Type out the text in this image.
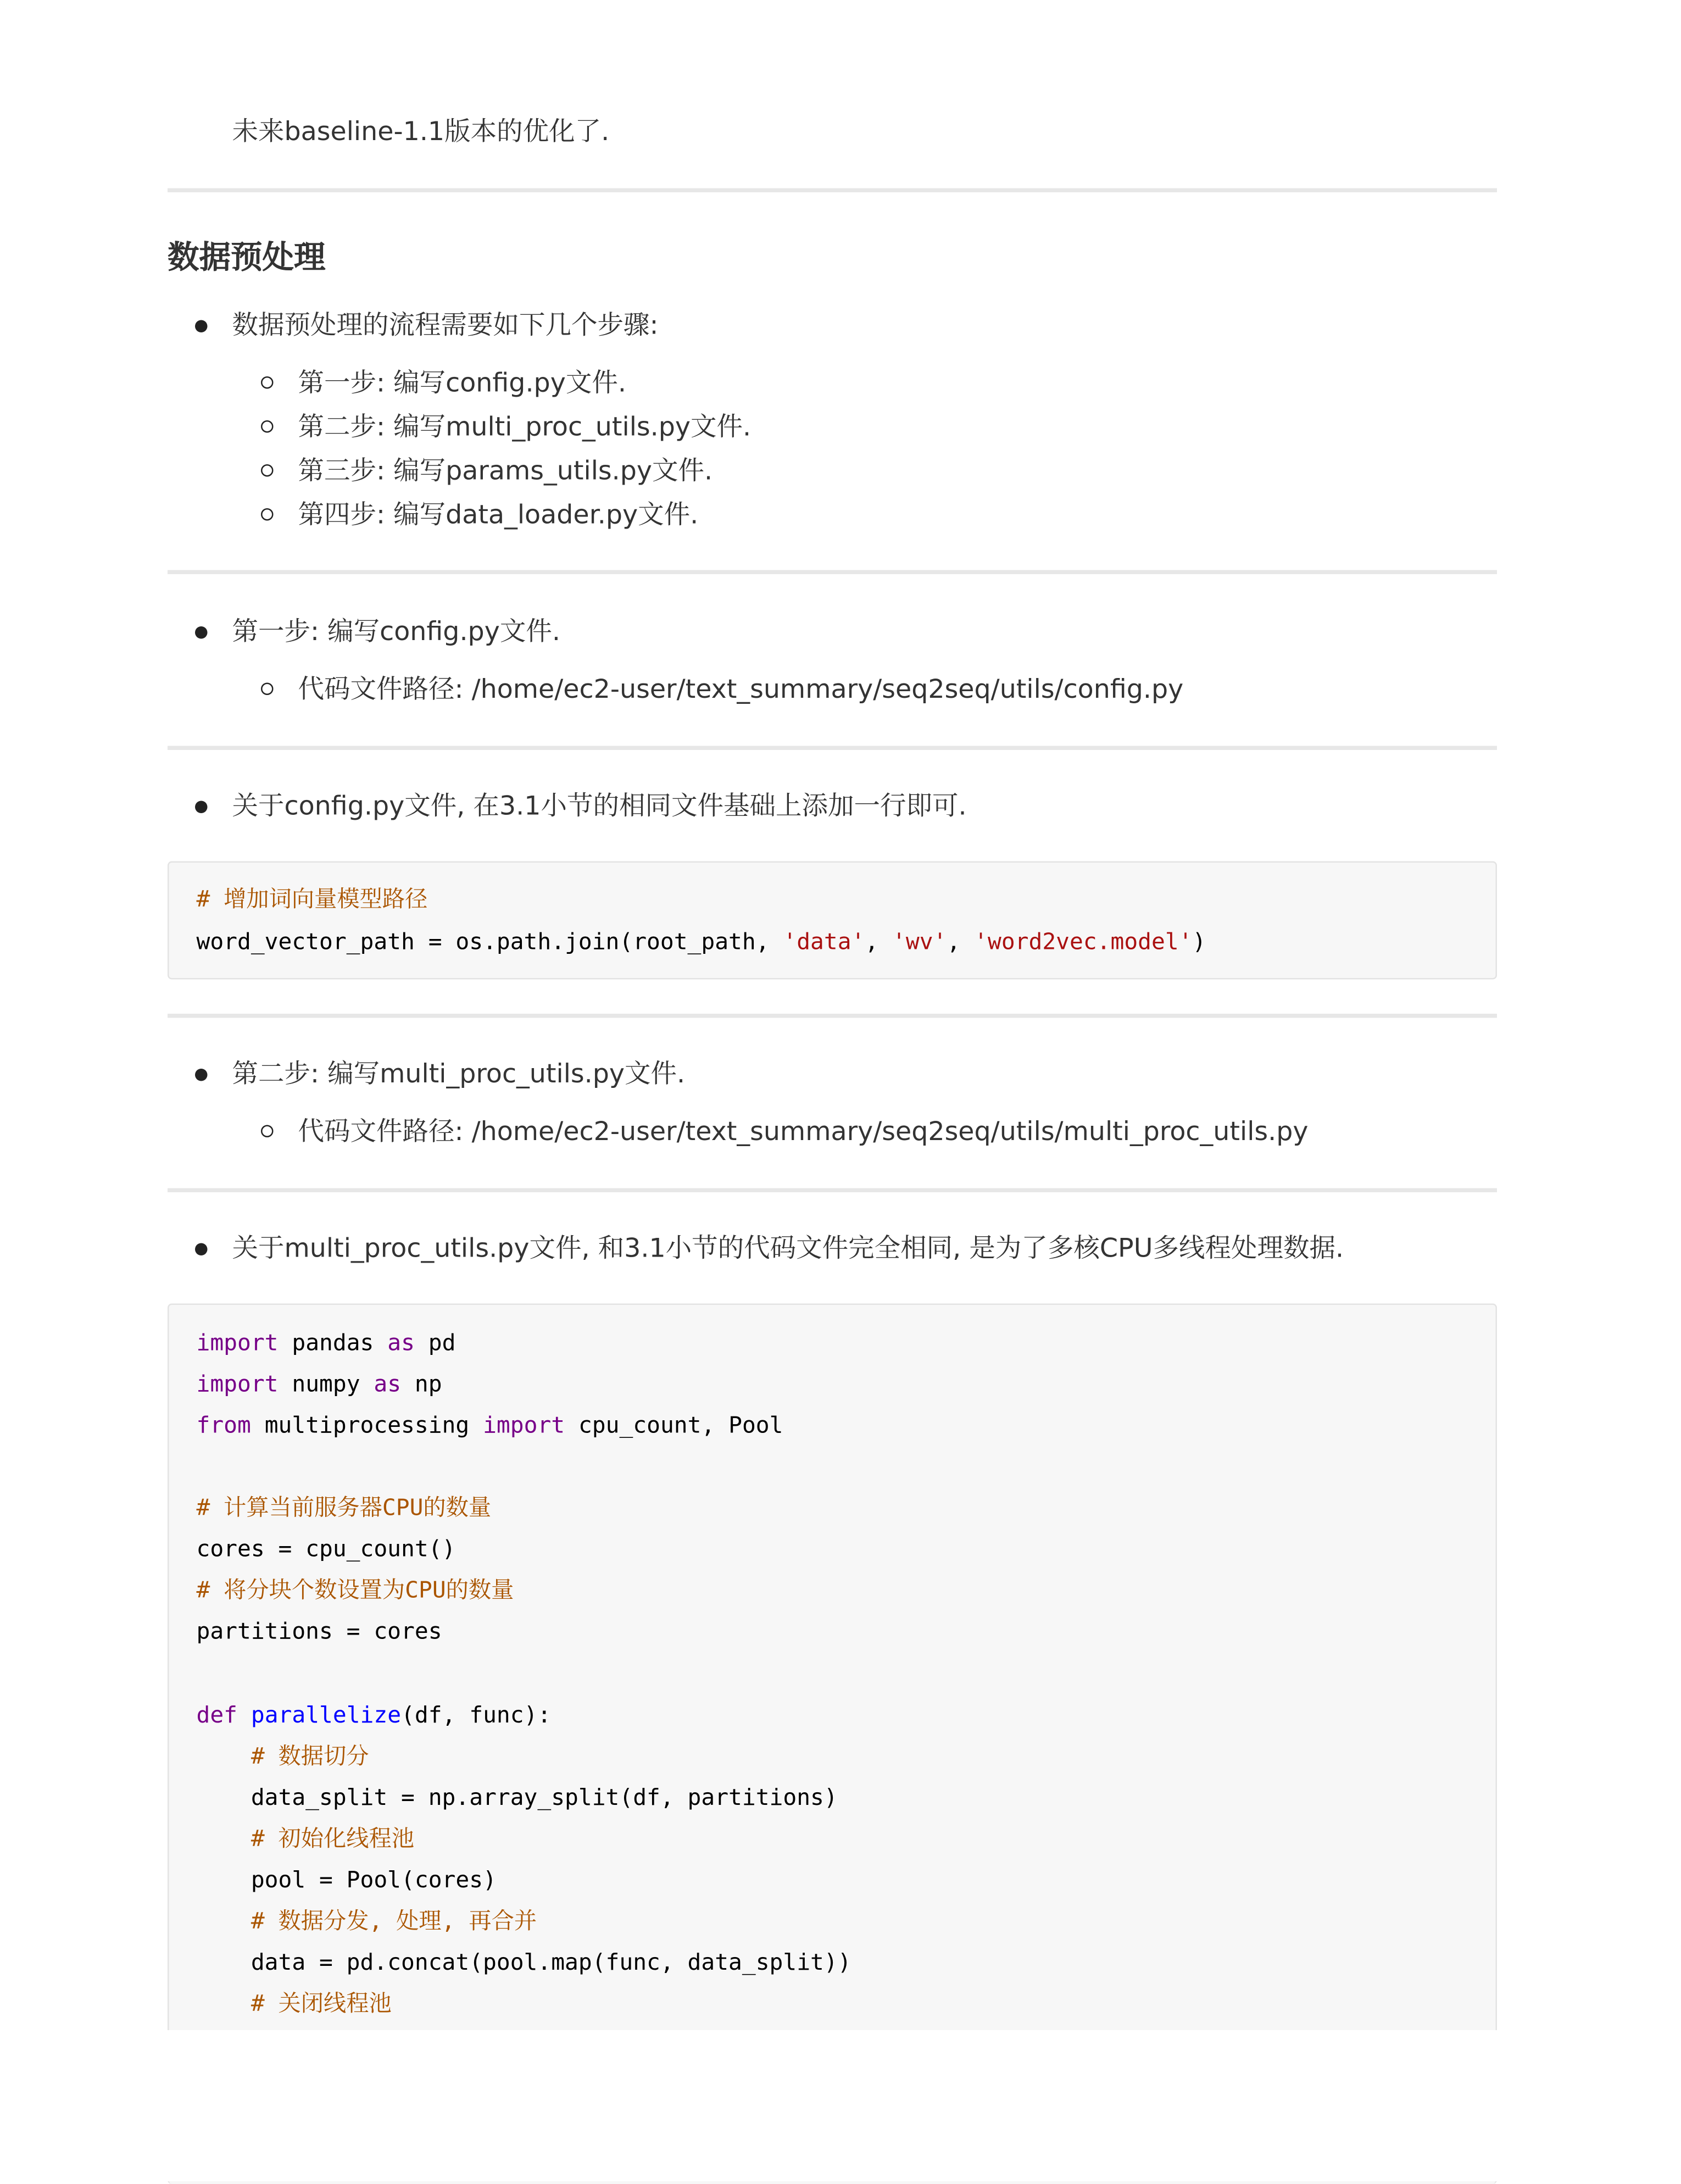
未来baseline-1.1版本的优化了.
数据预处理
数据预处理的流程需要如下几个步骤:
第一步: 编写config.py文件.
第二步: 编写multi_proc_utils.py文件.
第三步: 编写params_utils.py文件.
第四步: 编写data_loader.py文件.
第一步: 编写config.py文件.
代码文件路径: /home/ec2-user/text_summary/seq2seq/utils/config.py
关于config.py文件, 在3.1小节的相同文件基础上添加一行即可.
# 增加词向量模型路径
word_vector_path = os.path.join(root_path, 'data', 'wv', 'word2vec.model')
第二步: 编写multi_proc_utils.py文件.
代码文件路径: /home/ec2-user/text_summary/seq2seq/utils/multi_proc_utils.py
关于multi_proc_utils.py文件, 和3.1小节的代码文件完全相同, 是为了多核CPU多线程处理数据.
import pandas as pd
import numpy as np
from multiprocessing import cpu_count, Pool
# 计算当前服务器CPU的数量
cores = cpu_count()
# 将分块个数设置为CPU的数量
partitions = cores
def parallelize(df, func):
# 数据切分
data_split = np.array_split(df, partitions)
# 初始化线程池
pool = Pool(cores)
# 数据分发, 处理, 再合并
data = pd.concat(pool.map(func, data_split))
# 关闭线程池
